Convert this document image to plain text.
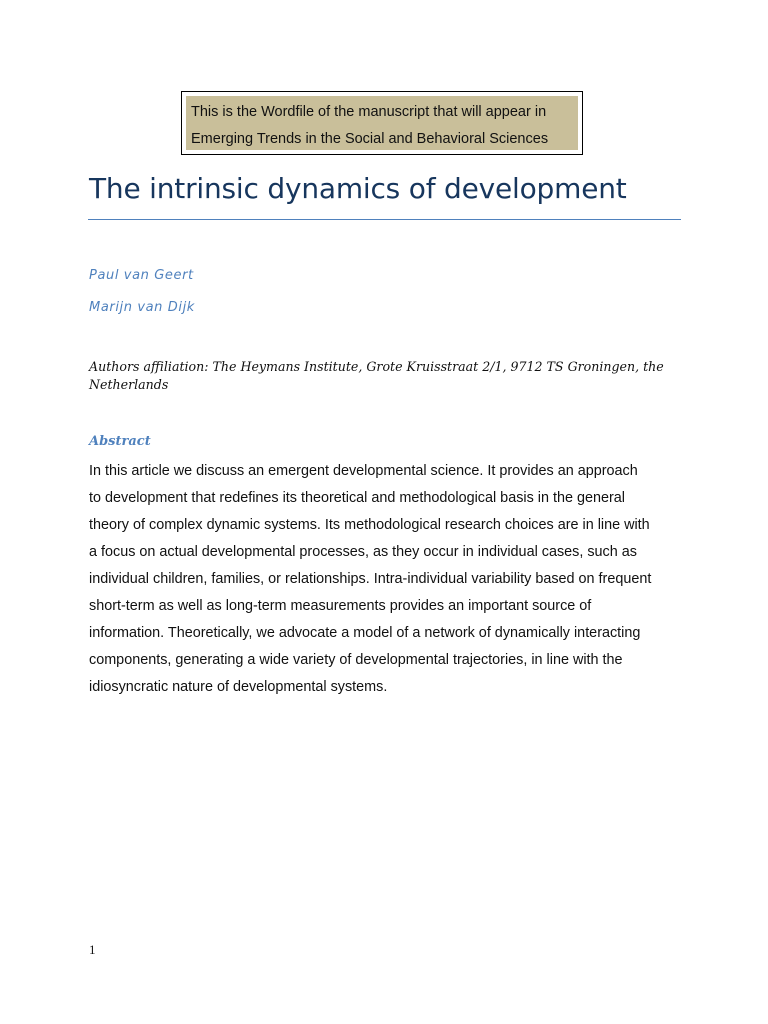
This is the Wordfile of the manuscript that will appear in
Emerging Trends in the Social and Behavioral Sciences
The intrinsic dynamics of development
Paul van Geert
Marijn van Dijk
Authors affiliation: The Heymans Institute, Grote Kruisstraat 2/1, 9712 TS Groningen, the Netherlands
Abstract
In this article we discuss an emergent developmental science. It provides an approach
to development that redefines its theoretical and methodological basis in the general
theory of complex dynamic systems. Its methodological research choices are in line with
a focus on actual developmental processes, as they occur in individual cases, such as
individual children, families, or relationships. Intra-individual variability based on frequent
short-term as well as long-term measurements provides an important source of
information. Theoretically, we advocate a model of a network of dynamically interacting
components, generating a wide variety of developmental trajectories, in line with the
idiosyncratic nature of developmental systems.
1
